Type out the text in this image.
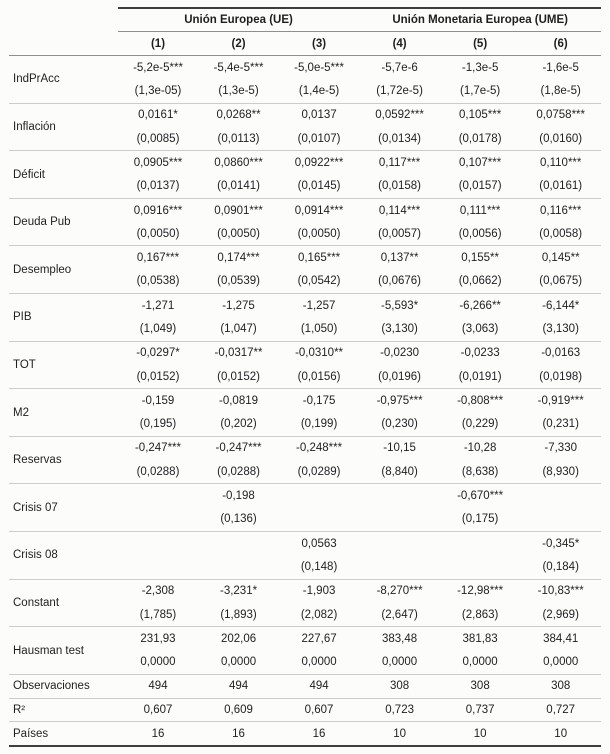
	Unión Europea (UE)			Unión Monetaria Europea (UME)		
	(1)	(2)	(3)	(4)	(5)	(6)
IndPrAcc	-5,2e-5***	-5,4e-5***	-5,0e-5***	-5,7e-6	-1,3e-5	-1,6e-5
	(1,3e-05)	(1,3e-5)	(1,4e-5)	(1,72e-5)	(1,7e-5)	(1,8e-5)
Inflación	0,0161*	0,0268**	0,0137	0,0592***	0,105***	0,0758***
	(0,0085)	(0,0113)	(0,0107)	(0,0134)	(0,0178)	(0,0160)
Déficit	0,0905***	0,0860***	0,0922***	0,117***	0,107***	0,110***
	(0,0137)	(0,0141)	(0,0145)	(0,0158)	(0,0157)	(0,0161)
Deuda Pub	0,0916***	0,0901***	0,0914***	0,114***	0,111***	0,116***
	(0,0050)	(0,0050)	(0,0050)	(0,0057)	(0,0056)	(0,0058)
Desempleo	0,167***	0,174***	0,165***	0,137**	0,155**	0,145**
	(0,0538)	(0,0539)	(0,0542)	(0,0676)	(0,0662)	(0,0675)
PIB	-1,271	-1,275	-1,257	-5,593*	-6,266**	-6,144*
	(1,049)	(1,047)	(1,050)	(3,130)	(3,063)	(3,130)
TOT	-0,0297*	-0,0317**	-0,0310**	-0,0230	-0,0233	-0,0163
	(0,0152)	(0,0152)	(0,0156)	(0,0196)	(0,0191)	(0,0198)
M2	-0,159	-0,0819	-0,175	-0,975***	-0,808***	-0,919***
	(0,195)	(0,202)	(0,199)	(0,230)	(0,229)	(0,231)
Reservas	-0,247***	-0,247***	-0,248***	-10,15	-10,28	-7,330
	(0,0288)	(0,0288)	(0,0289)	(8,840)	(8,638)	(8,930)
Crisis 07		-0,198			-0,670***	
		(0,136)			(0,175)	
Crisis 08			0,0563			-0,345*
			(0,148)			(0,184)
Constant	-2,308	-3,231*	-1,903	-8,270***	-12,98***	-10,83***
	(1,785)	(1,893)	(2,082)	(2,647)	(2,863)	(2,969)
Hausman test	231,93	202,06	227,67	383,48	381,83	384,41
	0,0000	0,0000	0,0000	0,0000	0,0000	0,0000
Observaciones	494	494	494	308	308	308
R²	0,607	0,609	0,607	0,723	0,737	0,727
Países	16	16	16	10	10	10
